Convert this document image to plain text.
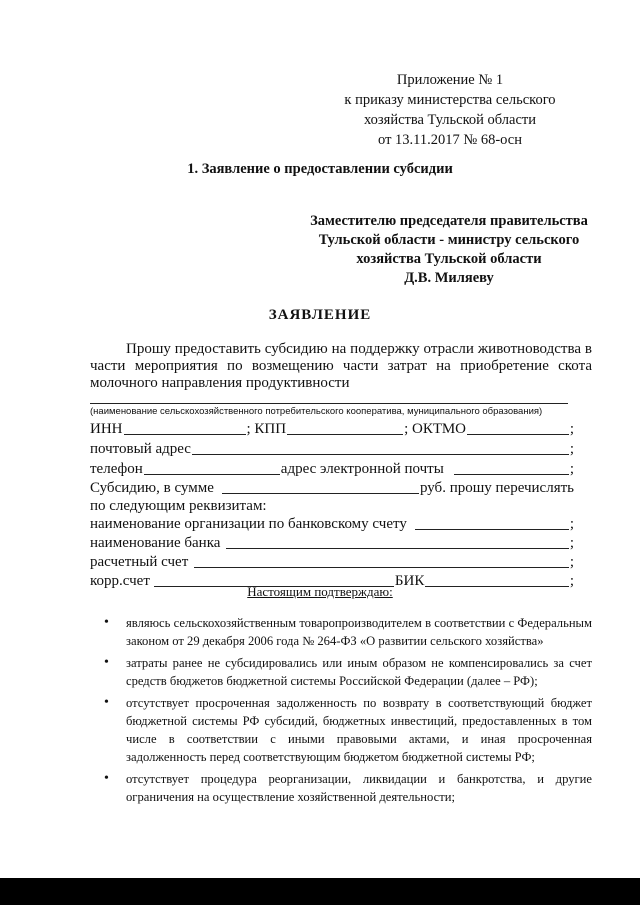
Приложение № 1
к приказу министерства сельского
хозяйства Тульской области
от 13.11.2017 № 68-осн
1. Заявление о предоставлении субсидии
Заместителю председателя правительства
Тульской области - министру сельского
хозяйства Тульской области
Д.В. Миляеву
ЗАЯВЛЕНИЕ

Прошу предоставить субсидию на поддержку отрасли животноводства в части мероприятия по возмещению части затрат на приобретение скота молочного направления продуктивности

(наименование сельскохозяйственного потребительского кооператива, муниципального образования)
ИНН	; КПП	; ОКТМО	;
почтовый адрес	;
телефон	адрес электронной почты	;
Субсидию, в сумме	руб. прошу перечислять
по следующим реквизитам:
наименование организации по банковскому счету	;
наименование банка	;
расчетный счет	;
корр.счет	БИК	;
Настоящим подтверждаю:
• являюсь сельскохозяйственным товаропроизводителем в соответствии с Федеральным законом от 29 декабря 2006 года № 264-ФЗ «О развитии сельского хозяйства»
• затраты ранее не субсидировались или иным образом не компенсировались за счет средств бюджетов бюджетной системы Российской Федерации (далее – РФ);
• отсутствует просроченная задолженность по возврату в соответствующий бюджет бюджетной системы РФ субсидий, бюджетных инвестиций, предоставленных в том числе в соответствии с иными правовыми актами, и иная просроченная задолженность перед соответствующим бюджетом бюджетной системы РФ;
• отсутствует процедура реорганизации, ликвидации и банкротства, и другие ограничения на осуществление хозяйственной деятельности;
